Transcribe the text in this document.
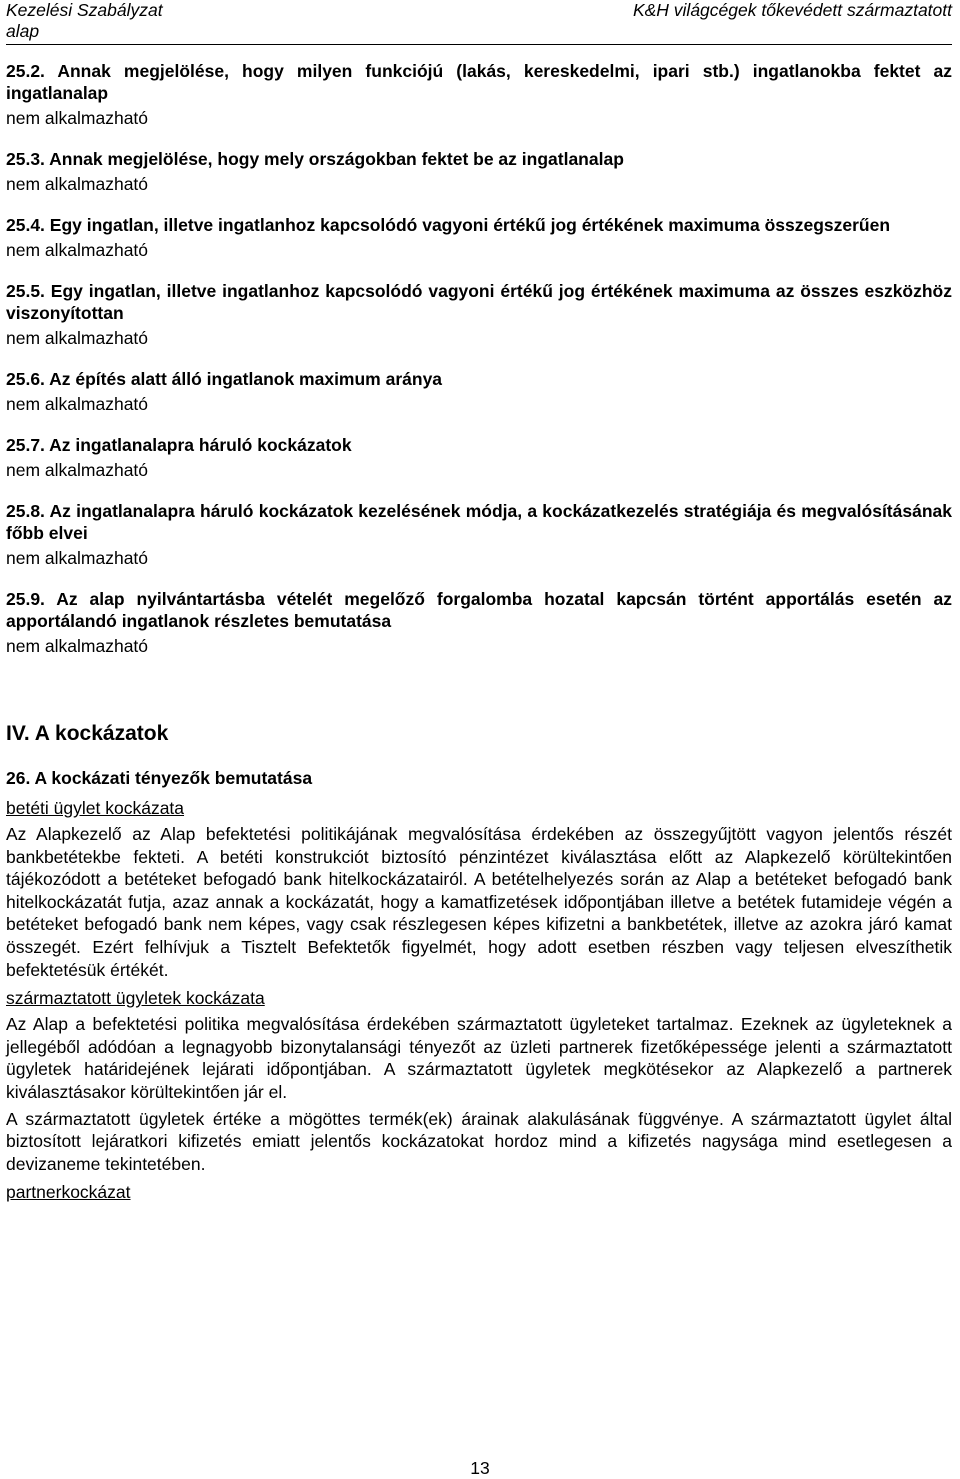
Kezelési Szabályzat
alap
K&H világcégek tőkevédett származtatott
25.2. Annak megjelölése, hogy milyen funkciójú (lakás, kereskedelmi, ipari stb.) ingatlanokba fektet az ingatlanalap

nem alkalmazható

25.3. Annak megjelölése, hogy mely országokban fektet be az ingatlanalap

nem alkalmazható

25.4. Egy ingatlan, illetve ingatlanhoz kapcsolódó vagyoni értékű jog értékének maximuma összegszerűen

nem alkalmazható

25.5. Egy ingatlan, illetve ingatlanhoz kapcsolódó vagyoni értékű jog értékének maximuma az összes eszközhöz viszonyítottan

nem alkalmazható

25.6. Az építés alatt álló ingatlanok maximum aránya

nem alkalmazható

25.7. Az ingatlanalapra háruló kockázatok

nem alkalmazható

25.8. Az ingatlanalapra háruló kockázatok kezelésének módja, a kockázatkezelés stratégiája és megvalósításának főbb elvei

nem alkalmazható

25.9. Az alap nyilvántartásba vételét megelőző forgalomba hozatal kapcsán történt apportálás esetén az apportálandó ingatlanok részletes bemutatása

nem alkalmazható

IV. A kockázatok
26. A kockázati tényezők bemutatása
betéti ügylet kockázata

Az Alapkezelő az Alap befektetési politikájának megvalósítása érdekében az összegyűjtött vagyon jelentős részét bankbetétekbe fekteti. A betéti konstrukciót biztosító pénzintézet kiválasztása előtt az Alapkezelő körültekintően tájékozódott a betéteket befogadó bank hitelkockázatairól. A betételhelyezés során az Alap a betéteket befogadó bank hitelkockázatát futja, azaz annak a kockázatát, hogy a kamatfizetések időpontjában illetve a betétek futamideje végén a betéteket befogadó bank nem képes, vagy csak részlegesen képes kifizetni a bankbetétek, illetve az azokra járó kamat összegét. Ezért felhívjuk a Tisztelt Befektetők figyelmét, hogy adott esetben részben vagy teljesen elveszíthetik befektetésük értékét.

származtatott ügyletek kockázata

Az Alap a befektetési politika megvalósítása érdekében származtatott ügyleteket tartalmaz. Ezeknek az ügyleteknek a jellegéből adódóan a legnagyobb bizonytalansági tényezőt az üzleti partnerek fizetőképessége jelenti a származtatott ügyletek határidejének lejárati időpontjában. A származtatott ügyletek megkötésekor az Alapkezelő a partnerek kiválasztásakor körültekintően jár el.

A származtatott ügyletek értéke a mögöttes termék(ek) árainak alakulásának függvénye. A származtatott ügylet által biztosított lejáratkori kifizetés emiatt jelentős kockázatokat hordoz mind a kifizetés nagysága mind esetlegesen a devizaneme tekintetében.

partnerkockázat
13
